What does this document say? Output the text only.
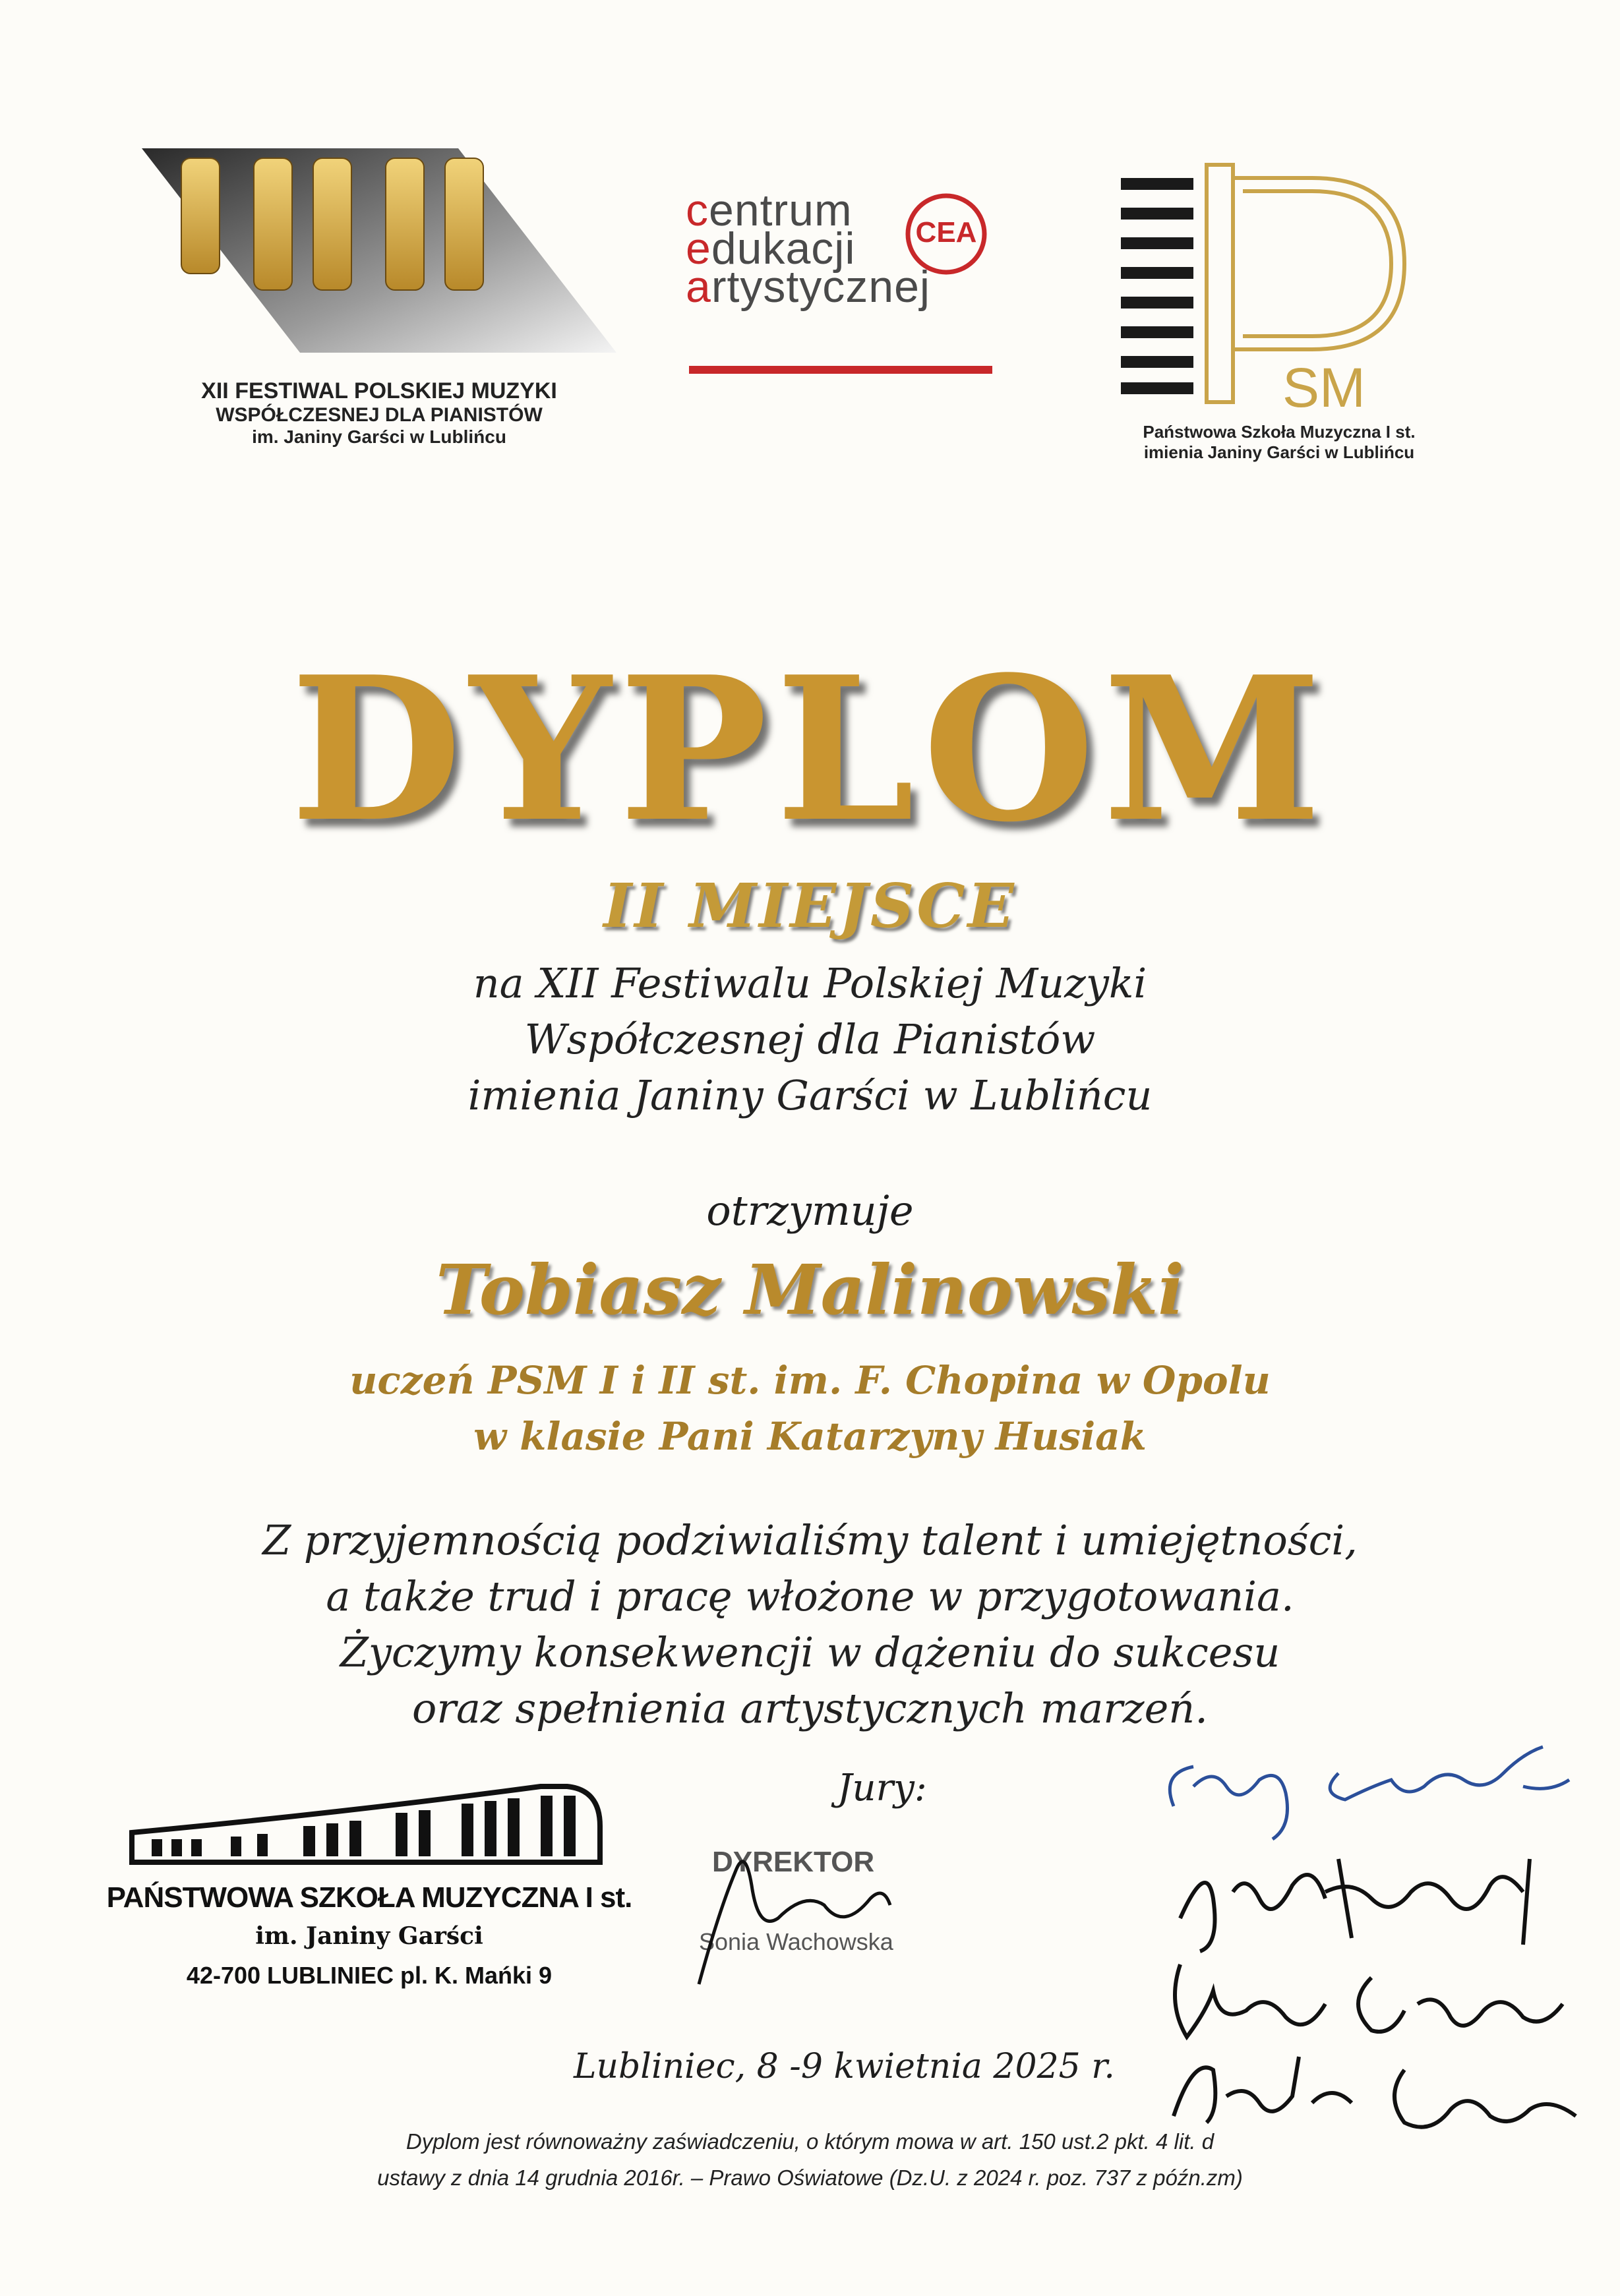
XII FESTIWAL POLSKIEJ MUZYKI
WSPÓŁCZESNEJ DLA PIANISTÓW
im. Janiny Garści w Lublińcu
centrum
edukacji
artystycznej
CEA
SM
Państwowa Szkoła Muzyczna I st.
imienia Janiny Garści w Lublińcu
DYPLOM
II MIEJSCE
na XII Festiwalu Polskiej Muzyki
Współczesnej dla Pianistów
imienia Janiny Garści w Lublińcu
otrzymuje
Tobiasz Malinowski
uczeń PSM I i II st. im. F. Chopina w Opolu
w klasie Pani Katarzyny Husiak
Z przyjemnością podziwialiśmy talent i umiejętności,
a także trud i pracę włożone w przygotowania.
Życzymy konsekwencji w dążeniu do sukcesu
oraz spełnienia artystycznych marzeń.
Jury:
PAŃSTWOWA SZKOŁA MUZYCZNA I st.
im. Janiny Garści
42-700 LUBLINIEC pl. K. Mańki 9
DYREKTOR
Sonia Wachowska
Lubliniec, 8 -9 kwietnia 2025 r.
Dyplom jest równoważny zaświadczeniu, o którym mowa w art. 150 ust.2 pkt. 4 lit. d
ustawy z dnia 14 grudnia 2016r. – Prawo Oświatowe (Dz.U. z 2024 r. poz. 737 z późn.zm)
